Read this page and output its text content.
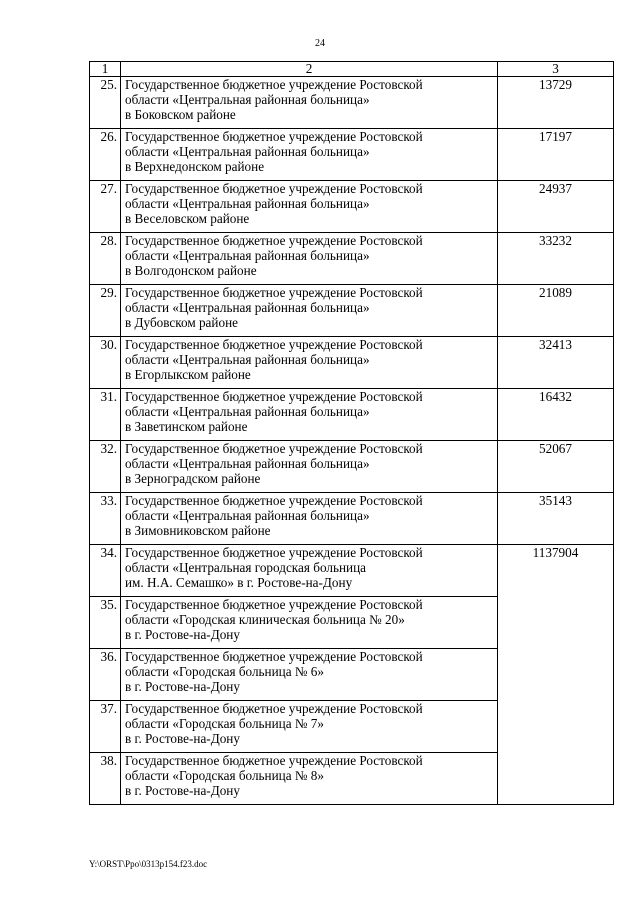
24
1	2	3
25.	Государственное бюджетное учреждение Ростовской
области «Центральная районная больница»
в Боковском районе	13729
26.	Государственное бюджетное учреждение Ростовской
области «Центральная районная больница»
в Верхнедонском районе	17197
27.	Государственное бюджетное учреждение Ростовской
области «Центральная районная больница»
в Веселовском районе	24937
28.	Государственное бюджетное учреждение Ростовской
области «Центральная районная больница»
в Волгодонском районе	33232
29.	Государственное бюджетное учреждение Ростовской
области «Центральная районная больница»
в Дубовском районе	21089
30.	Государственное бюджетное учреждение Ростовской
области «Центральная районная больница»
в Егорлыкском районе	32413
31.	Государственное бюджетное учреждение Ростовской
области «Центральная районная больница»
в Заветинском районе	16432
32.	Государственное бюджетное учреждение Ростовской
области «Центральная районная больница»
в Зерноградском районе	52067
33.	Государственное бюджетное учреждение Ростовской
области «Центральная районная больница»
в Зимовниковском районе	35143
34.	Государственное бюджетное учреждение Ростовской
области «Центральная городская больница
им. Н.А. Семашко» в г. Ростове-на-Дону	1137904
35.	Государственное бюджетное учреждение Ростовской
области «Городская клиническая больница № 20»
в г. Ростове-на-Дону	

36.	Государственное бюджетное учреждение Ростовской
области «Городская больница № 6»
в г. Ростове-на-Дону	

37.	Государственное бюджетное учреждение Ростовской
области «Городская больница № 7»
в г. Ростове-на-Дону	

38.	Государственное бюджетное учреждение Ростовской
области «Городская больница № 8»
в г. Ростове-на-Дону	
Y:\ORST\Ppo\0313p154.f23.doc
